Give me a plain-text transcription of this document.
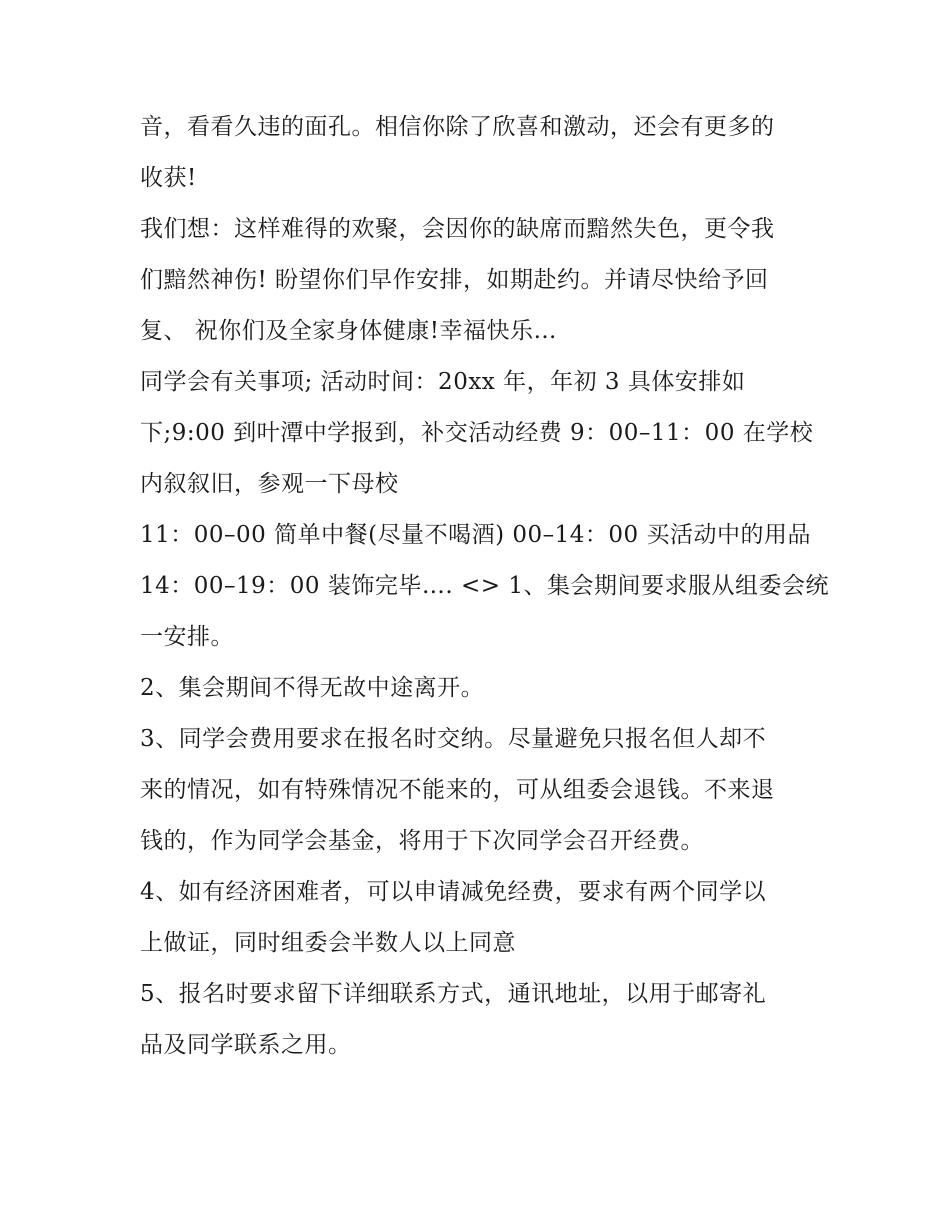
音，看看久违的面孔。相信你除了欣喜和激动，还会有更多的
收获!
我们想：这样难得的欢聚，会因你的缺席而黯然失色，更令我
们黯然神伤! 盼望你们早作安排，如期赴约。并请尽快给予回
复、 祝你们及全家身体健康!幸福快乐…
同学会有关事项; 活动时间：20xx 年，年初 3 具体安排如
下;9:00 到叶潭中学报到，补交活动经费 9：00–11：00 在学校
内叙叙旧，参观一下母校
11：00–00 简单中餐(尽量不喝酒) 00–14：00 买活动中的用品
14：00–19：00 装饰完毕…. <> 1、集会期间要求服从组委会统
一安排。
2、集会期间不得无故中途离开。
3、同学会费用要求在报名时交纳。尽量避免只报名但人却不
来的情况，如有特殊情况不能来的，可从组委会退钱。不来退
钱的，作为同学会基金，将用于下次同学会召开经费。
4、如有经济困难者，可以申请减免经费，要求有两个同学以
上做证，同时组委会半数人以上同意
5、报名时要求留下详细联系方式，通讯地址，以用于邮寄礼
品及同学联系之用。
